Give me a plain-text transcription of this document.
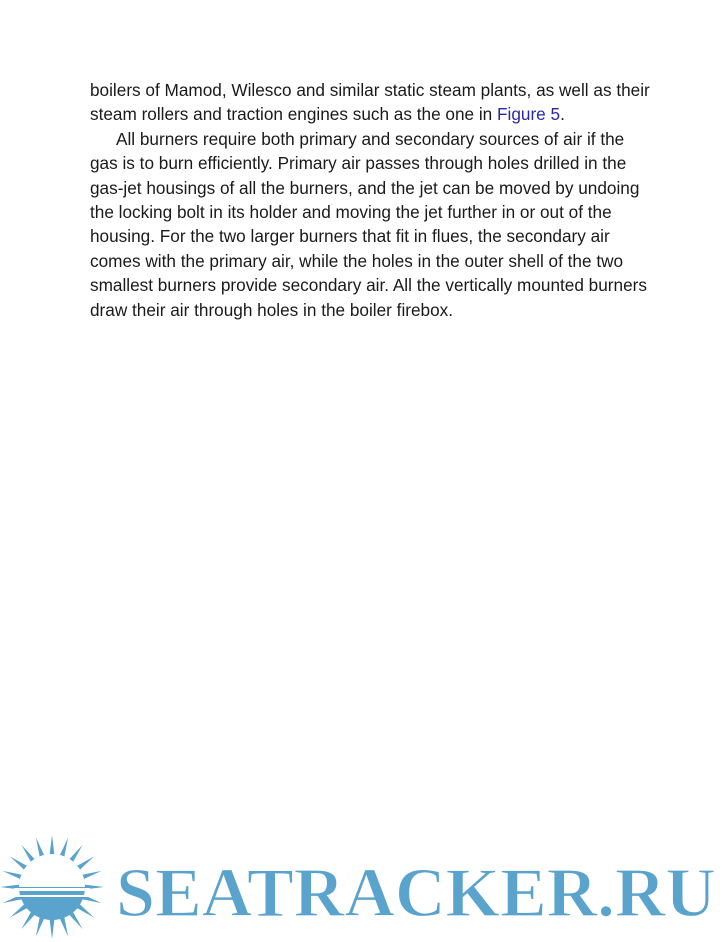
boilers of Mamod, Wilesco and similar static steam plants, as well as their steam rollers and traction engines such as the one in Figure 5.

All burners require both primary and secondary sources of air if the gas is to burn efficiently. Primary air passes through holes drilled in the gas-jet housings of all the burners, and the jet can be moved by undoing the locking bolt in its holder and moving the jet further in or out of the housing. For the two larger burners that fit in flues, the secondary air comes with the primary air, while the holes in the outer shell of the two smallest burners provide secondary air. All the vertically mounted burners draw their air through holes in the boiler firebox.

SEATRACKER.RU
